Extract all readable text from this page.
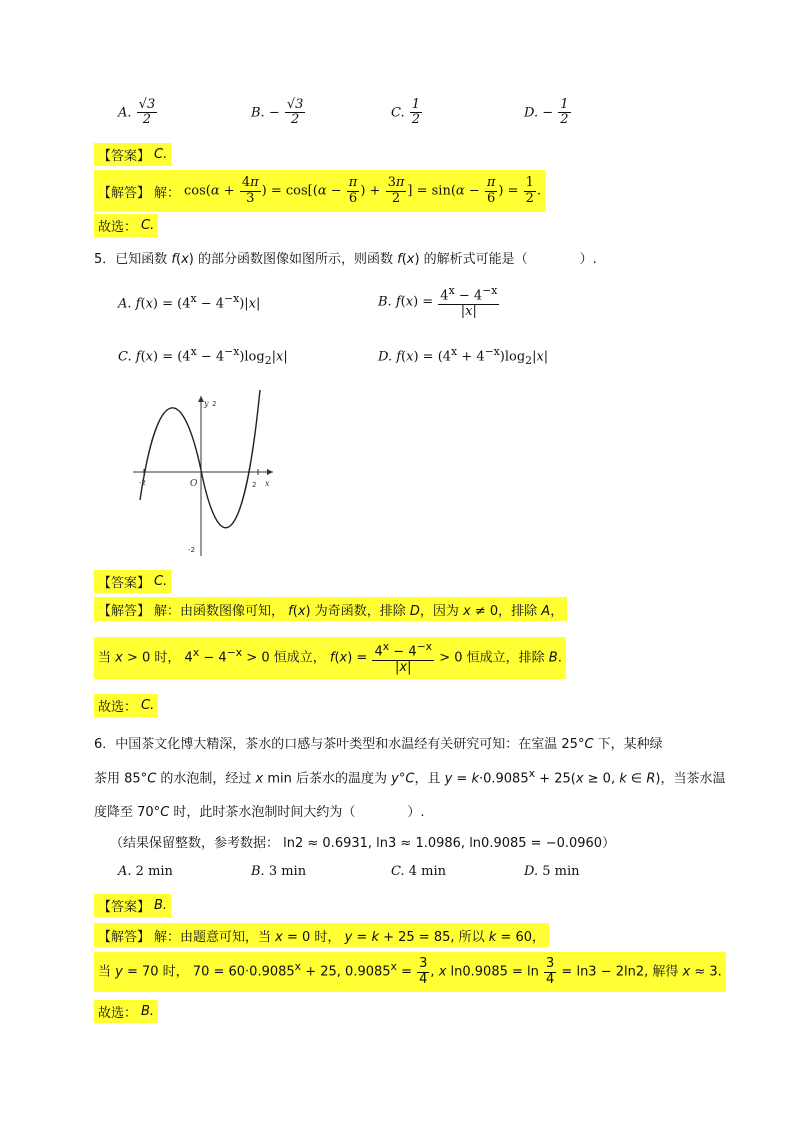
A. $\frac{√3}{2}$	B. − $\frac{√3}{2}$	C. $\frac{1}{2}$	D. − $\frac{1}{2}$
【答案】 C.
【解答】 解： $\cos(\alpha + \frac{4\pi}{3}$ ) = $\cos[(\alpha - \frac{\pi}{6}$ ) + $\frac{3\pi}{2}$ ] = $\sin(\alpha - \frac{\pi}{6}$ ) = $\frac{1}{2}$ .
故选： C.
5．已知函数 f(x) 的部分函数图像如图所示，则函数 f(x) 的解析式可能是（　　　　）.
A. $f(x) = (4^x - 4^{-x})|x|$	B. $f(x) = \frac{4^x - 4^{-x}}{|x|}$
C. $f(x) = (4^x - 4^{-x})\log_2|x|$	D. $f(x) = (4^x + 4^{-x})\log_2|x|$
y 2
x
-2	2
O
-2
【答案】 C.
【解答】 解：由函数图像可知， f(x) 为奇函数，排除 D，因为 x ≠ 0，排除 A，
当 x > 0 时， $4^x - 4^{-x} > 0$ 恒成立， $f(x) = \frac{4^x - 4^{-x}}{|x|} > 0$ 恒成立，排除 B.
故选： C.
6．中国茶文化博大精深，茶水的口感与茶叶类型和水温经有关研究可知：在室温 25°C 下，某种绿
茶用 85°C 的水泡制，经过 x min 后茶水的温度为 y°C，且 $y = k\cdot 0.9085^x + 25(x \ge 0$, k ∈ R)，当茶水温
度降至 70°C 时，此时茶水泡制时间大约为（　　　　）.
（结果保留整数，参考数据： ln2 ≈ 0.6931, ln3 ≈ 1.0986, ln0.9085 = −0.0960）
A. 2 min	B. 3 min	C. 4 min	D. 5 min
【答案】 B.
【解答】 解：由题意可知，当 x = 0 时， y = k + 25 = 85, 所以 k = 60，
当 y = 70 时， $70 = 60\cdot 0.9085^x + 25$, $0.9085^x = \frac{3}{4}$ , x $\ln 0.9085 = \ln \frac{3}{4} = \ln 3 - 2\ln 2$, 解得 x ≈ 3.
故选： B.
